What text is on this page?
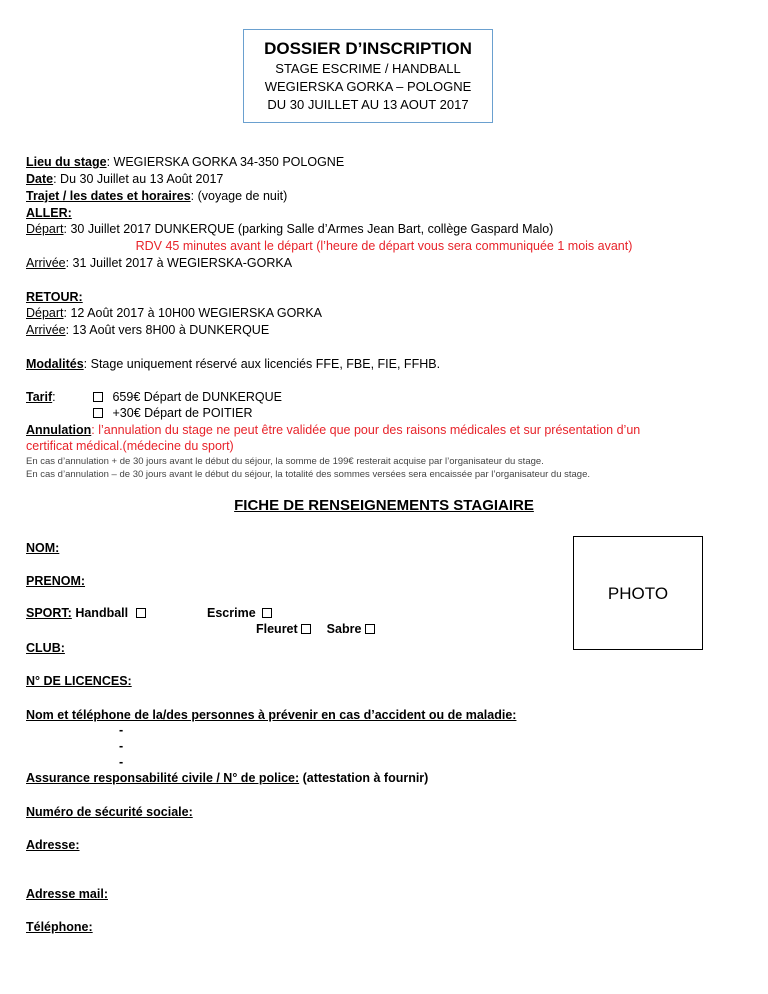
DOSSIER D’INSCRIPTION
STAGE ESCRIME / HANDBALL
WEGIERSKA GORKA – POLOGNE
DU 30 JUILLET AU 13 AOUT 2017
Lieu du stage: WEGIERSKA GORKA 34-350 POLOGNE
Date: Du 30 Juillet au 13 Août 2017
Trajet / les dates et horaires: (voyage de nuit)
ALLER:
Départ: 30 Juillet 2017 DUNKERQUE (parking Salle d’Armes Jean Bart, collège Gaspard Malo)
RDV 45 minutes avant le départ (l’heure de départ vous sera communiquée 1 mois avant)
Arrivée: 31 Juillet 2017 à WEGIERSKA-GORKA
RETOUR:
Départ: 12 Août 2017 à 10H00 WEGIERSKA GORKA
Arrivée: 13 Août vers 8H00 à DUNKERQUE
Modalités: Stage uniquement réservé aux licenciés FFE, FBE, FIE, FFHB.
Tarif:	659€ Départ de DUNKERQUE
+30€ Départ de POITIER
Annulation: l’annulation du stage ne peut être validée que pour des raisons médicales et sur présentation d’un
certificat médical.(médecine du sport)
En cas d’annulation + de 30 jours avant le début du séjour, la somme de 199€ resterait acquise par l’organisateur du stage.
En cas d’annulation – de 30 jours avant le début du séjour, la totalité des sommes versées sera encaissée par l’organisateur du stage.
FICHE DE RENSEIGNEMENTS STAGIAIRE
PHOTO
NOM:
PRENOM:
SPORT: Handball	Escrime
Fleuret Sabre
CLUB:
N° DE LICENCES:
Nom et téléphone de la/des personnes à prévenir en cas d’accident ou de maladie:
-
-
-
Assurance responsabilité civile / N° de police: (attestation à fournir)
Numéro de sécurité sociale:
Adresse:
Adresse mail:
Téléphone:
